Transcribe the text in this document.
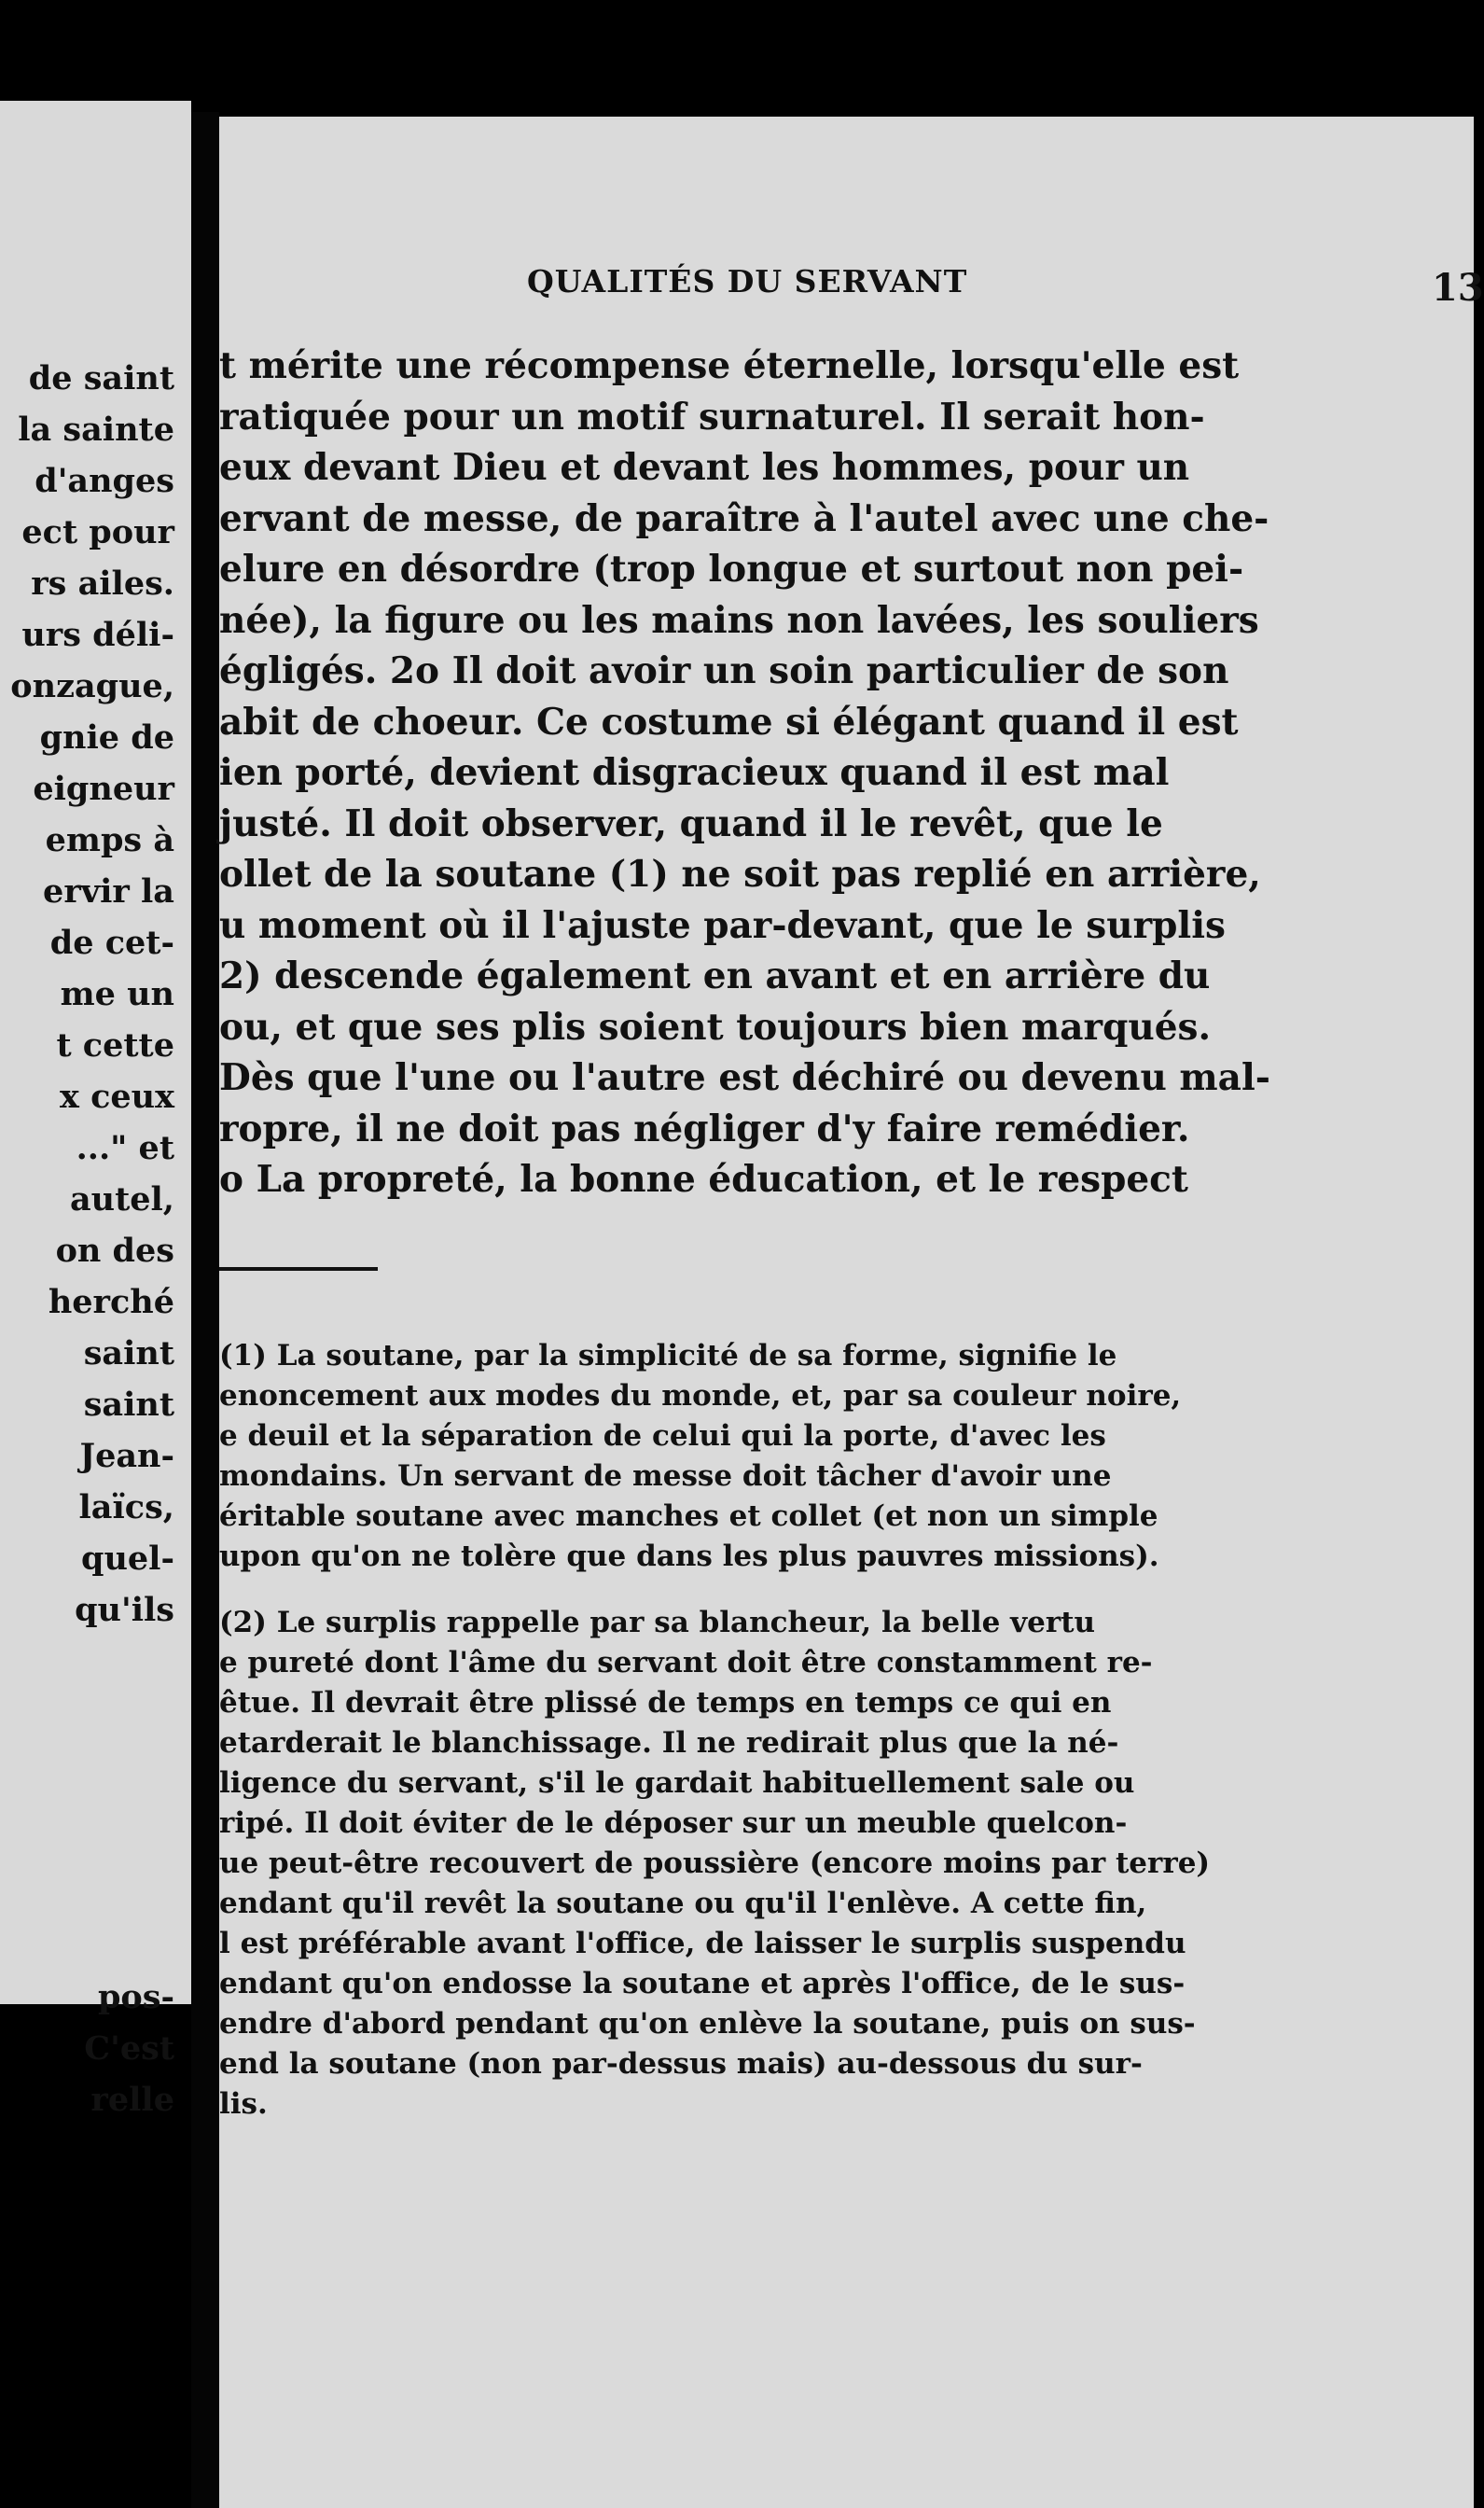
de saint
la sainte
d'anges
ect pour
rs ailes.
urs déli-
onzague,
gnie de
eigneur
emps à
ervir la
de cet-
me un
t cette
x ceux
..." et
autel,
on des
herché
saint
saint
Jean-
laïcs,
quel-
qu'ils
pos-
C'est
relle
QUALITÉS DU SERVANT	13
t mérite une récompense éternelle, lorsqu'elle est
ratiquée pour un motif surnaturel. Il serait hon-
eux devant Dieu et devant les hommes, pour un
ervant de messe, de paraître à l'autel avec une che-
elure en désordre (trop longue et surtout non pei-
née), la figure ou les mains non lavées, les souliers
égligés. 2o Il doit avoir un soin particulier de son
abit de choeur. Ce costume si élégant quand il est
ien porté, devient disgracieux quand il est mal
justé. Il doit observer, quand il le revêt, que le
ollet de la soutane (1) ne soit pas replié en arrière,
u moment où il l'ajuste par-devant, que le surplis
2) descende également en avant et en arrière du
ou, et que ses plis soient toujours bien marqués.
Dès que l'une ou l'autre est déchiré ou devenu mal-
ropre, il ne doit pas négliger d'y faire remédier.
o La propreté, la bonne éducation, et le respect
(1) La soutane, par la simplicité de sa forme, signifie le
enoncement aux modes du monde, et, par sa couleur noire,
e deuil et la séparation de celui qui la porte, d'avec les
mondains. Un servant de messe doit tâcher d'avoir une
éritable soutane avec manches et collet (et non un simple
upon qu'on ne tolère que dans les plus pauvres missions).
(2) Le surplis rappelle par sa blancheur, la belle vertu
e pureté dont l'âme du servant doit être constamment re-
êtue. Il devrait être plissé de temps en temps ce qui en
etarderait le blanchissage. Il ne redirait plus que la né-
ligence du servant, s'il le gardait habituellement sale ou
ripé. Il doit éviter de le déposer sur un meuble quelcon-
ue peut-être recouvert de poussière (encore moins par terre)
endant qu'il revêt la soutane ou qu'il l'enlève. A cette fin,
l est préférable avant l'office, de laisser le surplis suspendu
endant qu'on endosse la soutane et après l'office, de le sus-
endre d'abord pendant qu'on enlève la soutane, puis on sus-
end la soutane (non par-dessus mais) au-dessous du sur-
lis.
